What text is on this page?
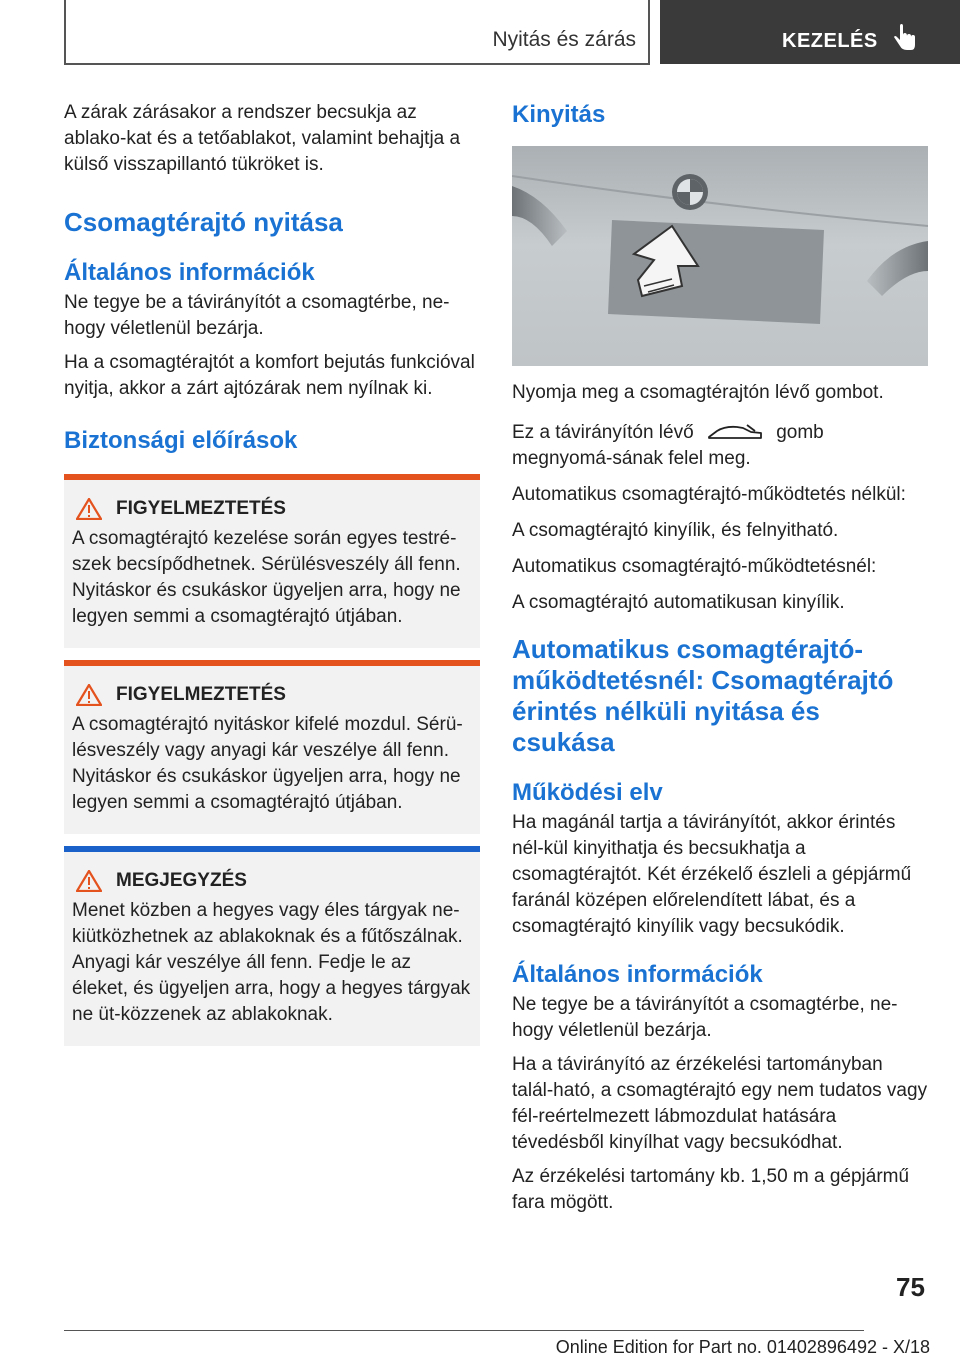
Nyitás és zárás	KEZELÉS

A zárak zárásakor a rendszer becsukja az ablako-kat és a tetőablakot, valamint behajtja a külső visszapillantó tükröket is.

Csomagtérajtó nyitása
Általános információk

Ne tegye be a távirányítót a csomagtérbe, ne-hogy véletlenül bezárja.

Ha a csomagtérajtót a komfort bejutás funkcióval nyitja, akkor a zárt ajtózárak nem nyílnak ki.

Biztonsági előírások
FIGYELMEZTETÉS

A csomagtérajtó kezelése során egyes testré-szek becsípődhetnek. Sérülésveszély áll fenn. Nyitáskor és csukáskor ügyeljen arra, hogy ne legyen semmi a csomagtérajtó útjában.

FIGYELMEZTETÉS

A csomagtérajtó nyitáskor kifelé mozdul. Sérü-lésveszély vagy anyagi kár veszélye áll fenn. Nyitáskor és csukáskor ügyeljen arra, hogy ne legyen semmi a csomagtérajtó útjában.

MEGJEGYZÉS

Menet közben a hegyes vagy éles tárgyak ne-kiütközhetnek az ablakoknak és a fűtőszálnak. Anyagi kár veszélye áll fenn. Fedje le az éleket, és ügyeljen arra, hogy a hegyes tárgyak ne üt-közzenek az ablakoknak.

Kinyitás

Nyomja meg a csomagtérajtón lévő gombot.

Ez a távirányítón lévő	gomb megnyomá-sának felel meg.

Automatikus csomagtérajtó-működtetés nélkül:

A csomagtérajtó kinyílik, és felnyitható.

Automatikus csomagtérajtó-működtetésnél:

A csomagtérajtó automatikusan kinyílik.

Automatikus csomagtérajtó-működtetésnél: Csomagtérajtó érintés nélküli nyitása és csukása
Működési elv

Ha magánál tartja a távirányítót, akkor érintés nél-kül kinyithatja és becsukhatja a csomagtérajtót. Két érzékelő észleli a gépjármű faránál középen előrelendített lábat, és a csomagtérajtó kinyílik vagy becsukódik.

Általános információk

Ne tegye be a távirányítót a csomagtérbe, ne-hogy véletlenül bezárja.

Ha a távirányító az érzékelési tartományban talál-ható, a csomagtérajtó egy nem tudatos vagy fél-reértelmezett lábmozdulat hatására tévedésből kinyílhat vagy becsukódhat.

Az érzékelési tartomány kb. 1,50 m a gépjármű fara mögött.

75
Online Edition for Part no. 01402896492 - X/18
